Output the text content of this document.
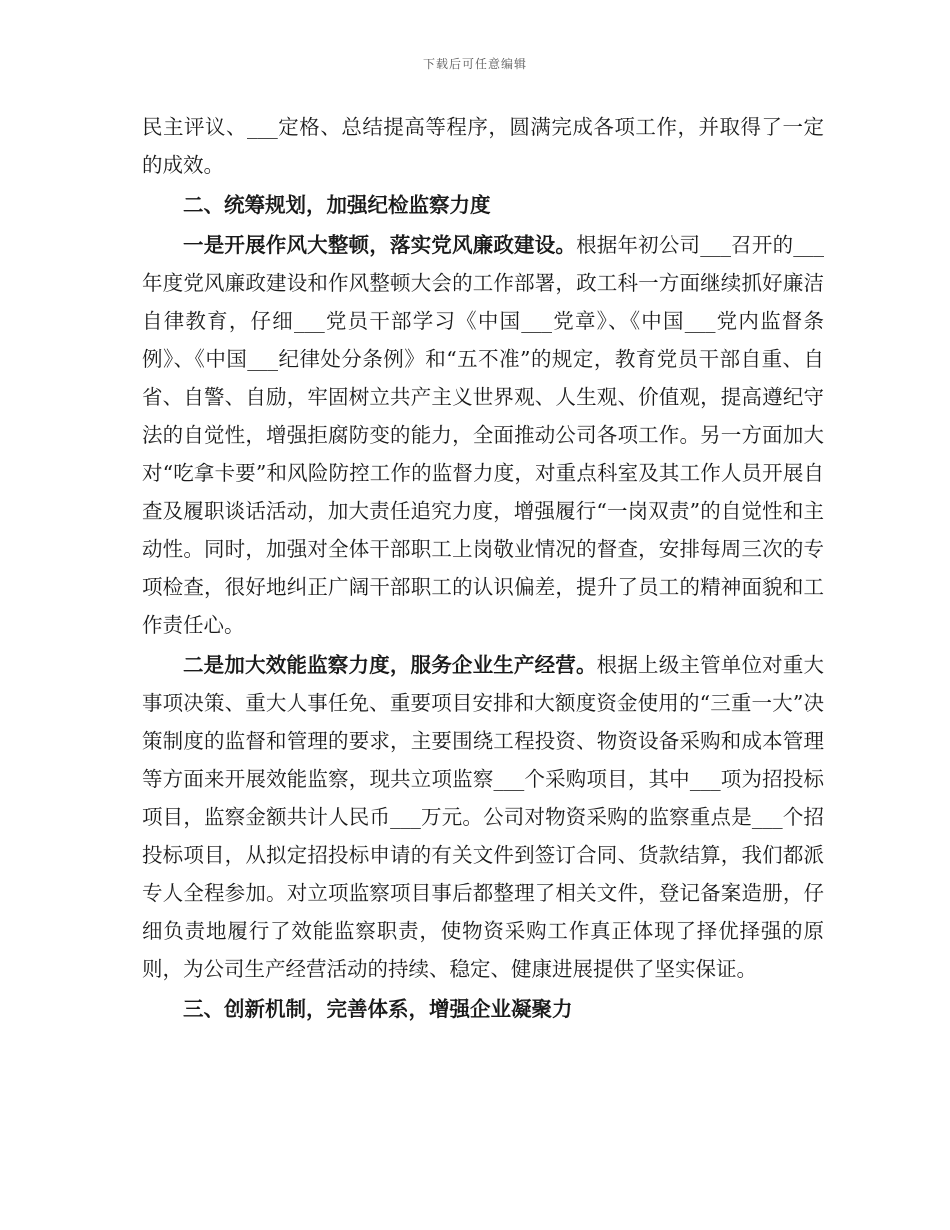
下载后可任意编辑

民主评议、___定格、总结提高等程序，圆满完成各项工作，并取得了一定的成效。

二、统筹规划，加强纪检监察力度

一是开展作风大整顿，落实党风廉政建设。根据年初公司___召开的___年度党风廉政建设和作风整顿大会的工作部署，政工科一方面继续抓好廉洁自律教育，仔细___党员干部学习《中国___党章》、《中国___党内监督条例》、《中国___纪律处分条例》和“五不准”的规定，教育党员干部自重、自省、自警、自励，牢固树立共产主义世界观、人生观、价值观，提高遵纪守法的自觉性，增强拒腐防变的能力，全面推动公司各项工作。另一方面加大对“吃拿卡要”和风险防控工作的监督力度，对重点科室及其工作人员开展自查及履职谈话活动，加大责任追究力度，增强履行“一岗双责”的自觉性和主动性。同时，加强对全体干部职工上岗敬业情况的督查，安排每周三次的专项检查，很好地纠正广阔干部职工的认识偏差，提升了员工的精神面貌和工作责任心。

二是加大效能监察力度，服务企业生产经营。根据上级主管单位对重大事项决策、重大人事任免、重要项目安排和大额度资金使用的“三重一大”决策制度的监督和管理的要求，主要围绕工程投资、物资设备采购和成本管理等方面来开展效能监察，现共立项监察___个采购项目，其中___项为招投标项目，监察金额共计人民币___万元。公司对物资采购的监察重点是___个招投标项目，从拟定招投标申请的有关文件到签订合同、货款结算，我们都派专人全程参加。对立项监察项目事后都整理了相关文件，登记备案造册，仔细负责地履行了效能监察职责，使物资采购工作真正体现了择优择强的原则，为公司生产经营活动的持续、稳定、健康进展提供了坚实保证。

三、创新机制，完善体系，增强企业凝聚力
